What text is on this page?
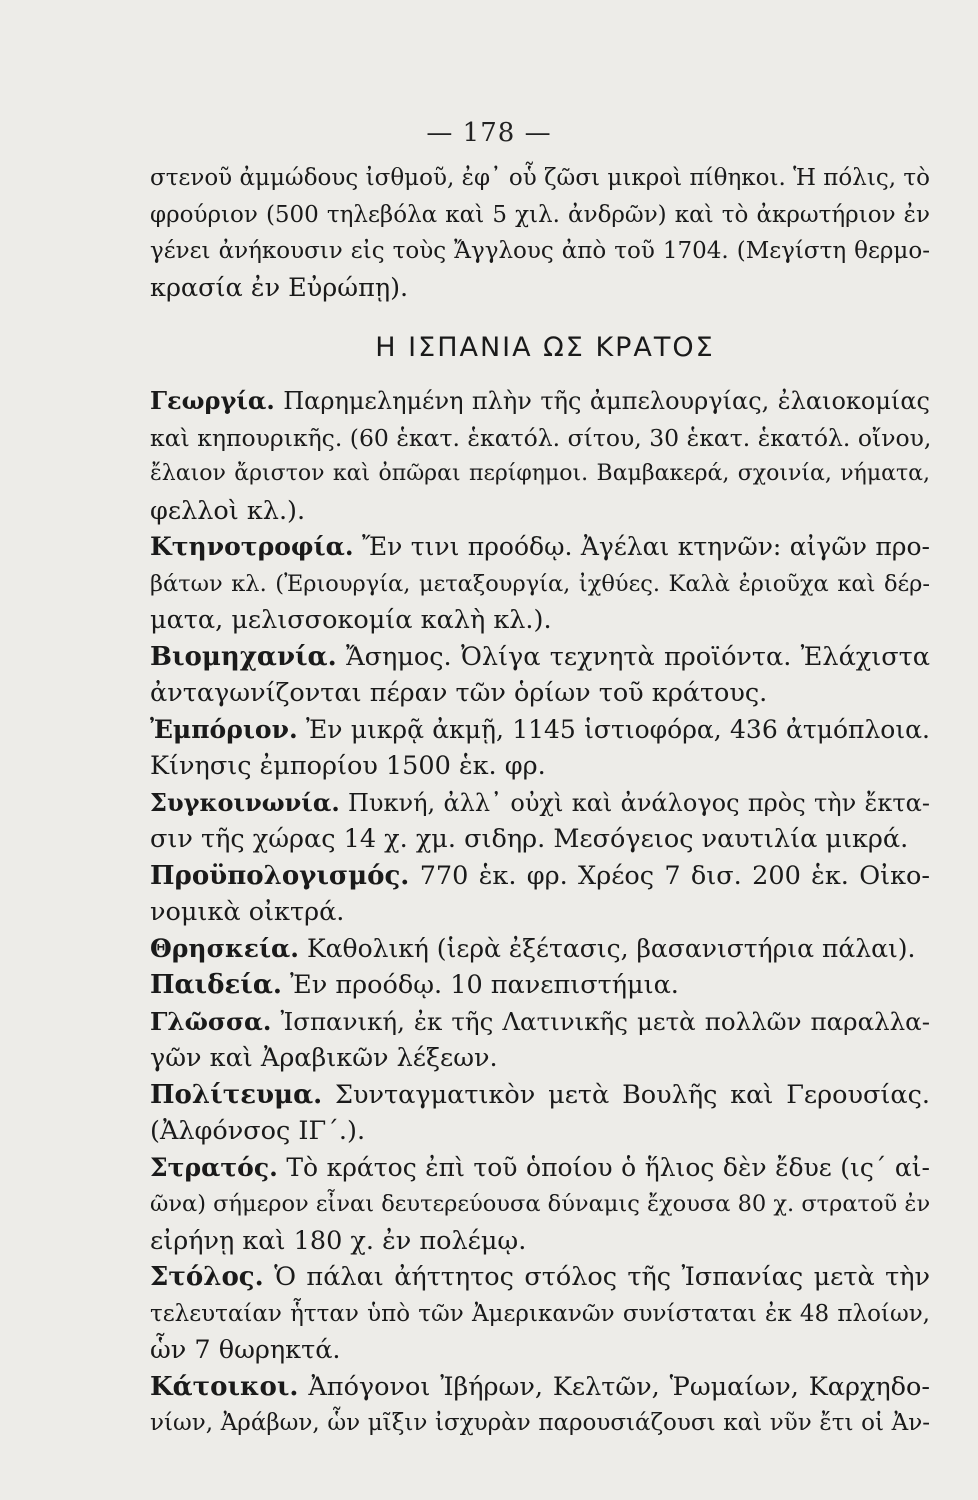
— 178 —
στενοῦ ἀμμώδους ἰσθμοῦ, ἐφ᾽ οὗ ζῶσι μικροὶ πίθηκοι. Ἡ πόλις, τὸ
φρούριον (500 τηλεβόλα καὶ 5 χιλ. ἀνδρῶν) καὶ τὸ ἀκρωτήριον ἐν
γένει ἀνήκουσιν εἰς τοὺς Ἄγγλους ἀπὸ τοῦ 1704. (Μεγίστη θερμο-
κρασία ἐν Εὐρώπῃ).
Η ΙΣΠΑΝΙΑ ΩΣ ΚΡΑΤΟΣ
Γεωργία. Παρημελημένη πλὴν τῆς ἀμπελουργίας, ἐλαιοκομίας
καὶ κηπουρικῆς. (60 ἑκατ. ἑκατόλ. σίτου, 30 ἑκατ. ἑκατόλ. οἴνου,
ἔλαιον ἄριστον καὶ ὀπῶραι περίφημοι. Βαμβακερά, σχοινία, νήματα,
φελλοὶ κλ.).
Κτηνοτροφία. Ἔν τινι προόδῳ. Ἀγέλαι κτηνῶν: αἰγῶν προ-
βάτων κλ. (Ἐριουργία, μεταξουργία, ἰχθύες. Καλὰ ἐριοῦχα καὶ δέρ-
ματα, μελισσοκομία καλὴ κλ.).
Βιομηχανία. Ἄσημος. Ὀλίγα τεχνητὰ προϊόντα. Ἐλάχιστα
ἀνταγωνίζονται πέραν τῶν ὁρίων τοῦ κράτους.
Ἐμπόριον. Ἐν μικρᾷ ἀκμῇ, 1145 ἱστιοφόρα, 436 ἀτμόπλοια.
Κίνησις ἐμπορίου 1500 ἑκ. φρ.
Συγκοινωνία. Πυκνή, ἀλλ᾽ οὐχὶ καὶ ἀνάλογος πρὸς τὴν ἔκτα-
σιν τῆς χώρας 14 χ. χμ. σιδηρ. Μεσόγειος ναυτιλία μικρά.
Προϋπολογισμός. 770 ἑκ. φρ. Χρέος 7 δισ. 200 ἑκ. Οἰκο-
νομικὰ οἰκτρά.
Θρησκεία. Καθολική (ἱερὰ ἐξέτασις, βασανιστήρια πάλαι).
Παιδεία. Ἐν προόδῳ. 10 πανεπιστήμια.
Γλῶσσα. Ἰσπανική, ἐκ τῆς Λατινικῆς μετὰ πολλῶν παραλλα-
γῶν καὶ Ἀραβικῶν λέξεων.
Πολίτευμα. Συνταγματικὸν μετὰ Βουλῆς καὶ Γερουσίας.
(Ἀλφόνσος ΙΓ΄.).
Στρατός. Τὸ κράτος ἐπὶ τοῦ ὁποίου ὁ ἥλιος δὲν ἔδυε (ις΄ αἰ-
ῶνα) σήμερον εἶναι δευτερεύουσα δύναμις ἔχουσα 80 χ. στρατοῦ ἐν
εἰρήνῃ καὶ 180 χ. ἐν πολέμῳ.
Στόλος. Ὁ πάλαι ἀήττητος στόλος τῆς Ἰσπανίας μετὰ τὴν
τελευταίαν ἧτταν ὑπὸ τῶν Ἀμερικανῶν συνίσταται ἐκ 48 πλοίων,
ὧν 7 θωρηκτά.
Κάτοικοι. Ἀπόγονοι Ἰβήρων, Κελτῶν, Ῥωμαίων, Καρχηδο-
νίων, Ἀράβων, ὧν μῖξιν ἰσχυρὰν παρουσιάζουσι καὶ νῦν ἔτι οἱ Ἀν-
